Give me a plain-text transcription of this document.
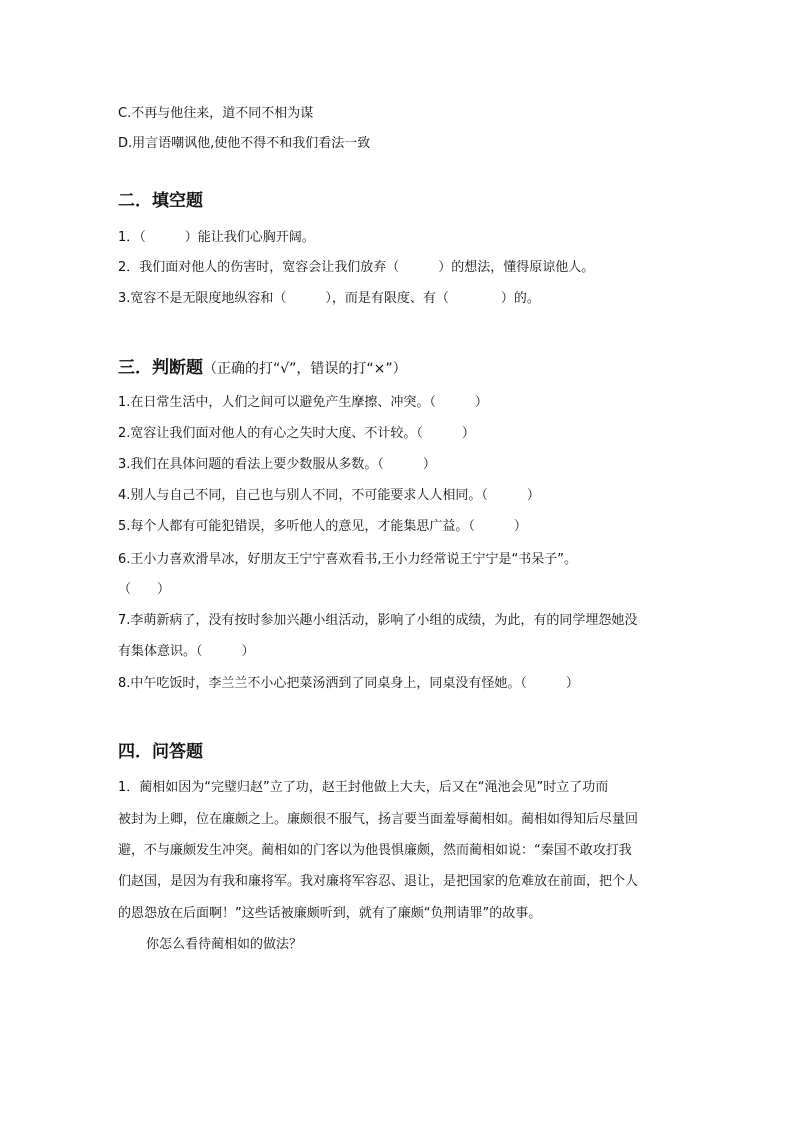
C.不再与他往来，道不同不相为谋
D.用言语嘲讽他,使他不得不和我们看法一致
二．填空题
1．（　　　）能让我们心胸开阔。
2．我们面对他人的伤害时，宽容会让我们放弃（　　　）的想法，懂得原谅他人。
3.宽容不是无限度地纵容和（　　　），而是有限度、有（　　　　）的。
三．判断题（正确的打“√”，错误的打“×”）
1.在日常生活中，人们之间可以避免产生摩擦、冲突。（　　　）
2.宽容让我们面对他人的有心之失时大度、不计较。（　　　）
3.我们在具体问题的看法上要少数服从多数。（　　　）
4.别人与自己不同，自己也与别人不同，不可能要求人人相同。（　　　）
5.每个人都有可能犯错误，多听他人的意见，才能集思广益。（　　　）
6.王小力喜欢滑旱冰，好朋友王宁宁喜欢看书,王小力经常说王宁宁是“书呆子”。
（　　）
7.李萌新病了，没有按时参加兴趣小组活动，影响了小组的成绩，为此，有的同学埋怨她没
有集体意识。（　　　）
8.中午吃饭时，李兰兰不小心把菜汤洒到了同桌身上，同桌没有怪她。（　　　）
四．问答题
1．蔺相如因为“完璧归赵”立了功，赵王封他做上大夫，后又在“渑池会见”时立了功而
被封为上卿，位在廉颇之上。廉颇很不服气，扬言要当面羞辱蔺相如。蔺相如得知后尽量回
避，不与廉颇发生冲突。蔺相如的门客以为他畏惧廉颇，然而蔺相如说：“秦国不敢攻打我
们赵国，是因为有我和廉将军。我对廉将军容忍、退让，是把国家的危难放在前面，把个人
的恩怨放在后面啊！”这些话被廉颇听到，就有了廉颇“负荆请罪”的故事。
你怎么看待蔺相如的做法？
